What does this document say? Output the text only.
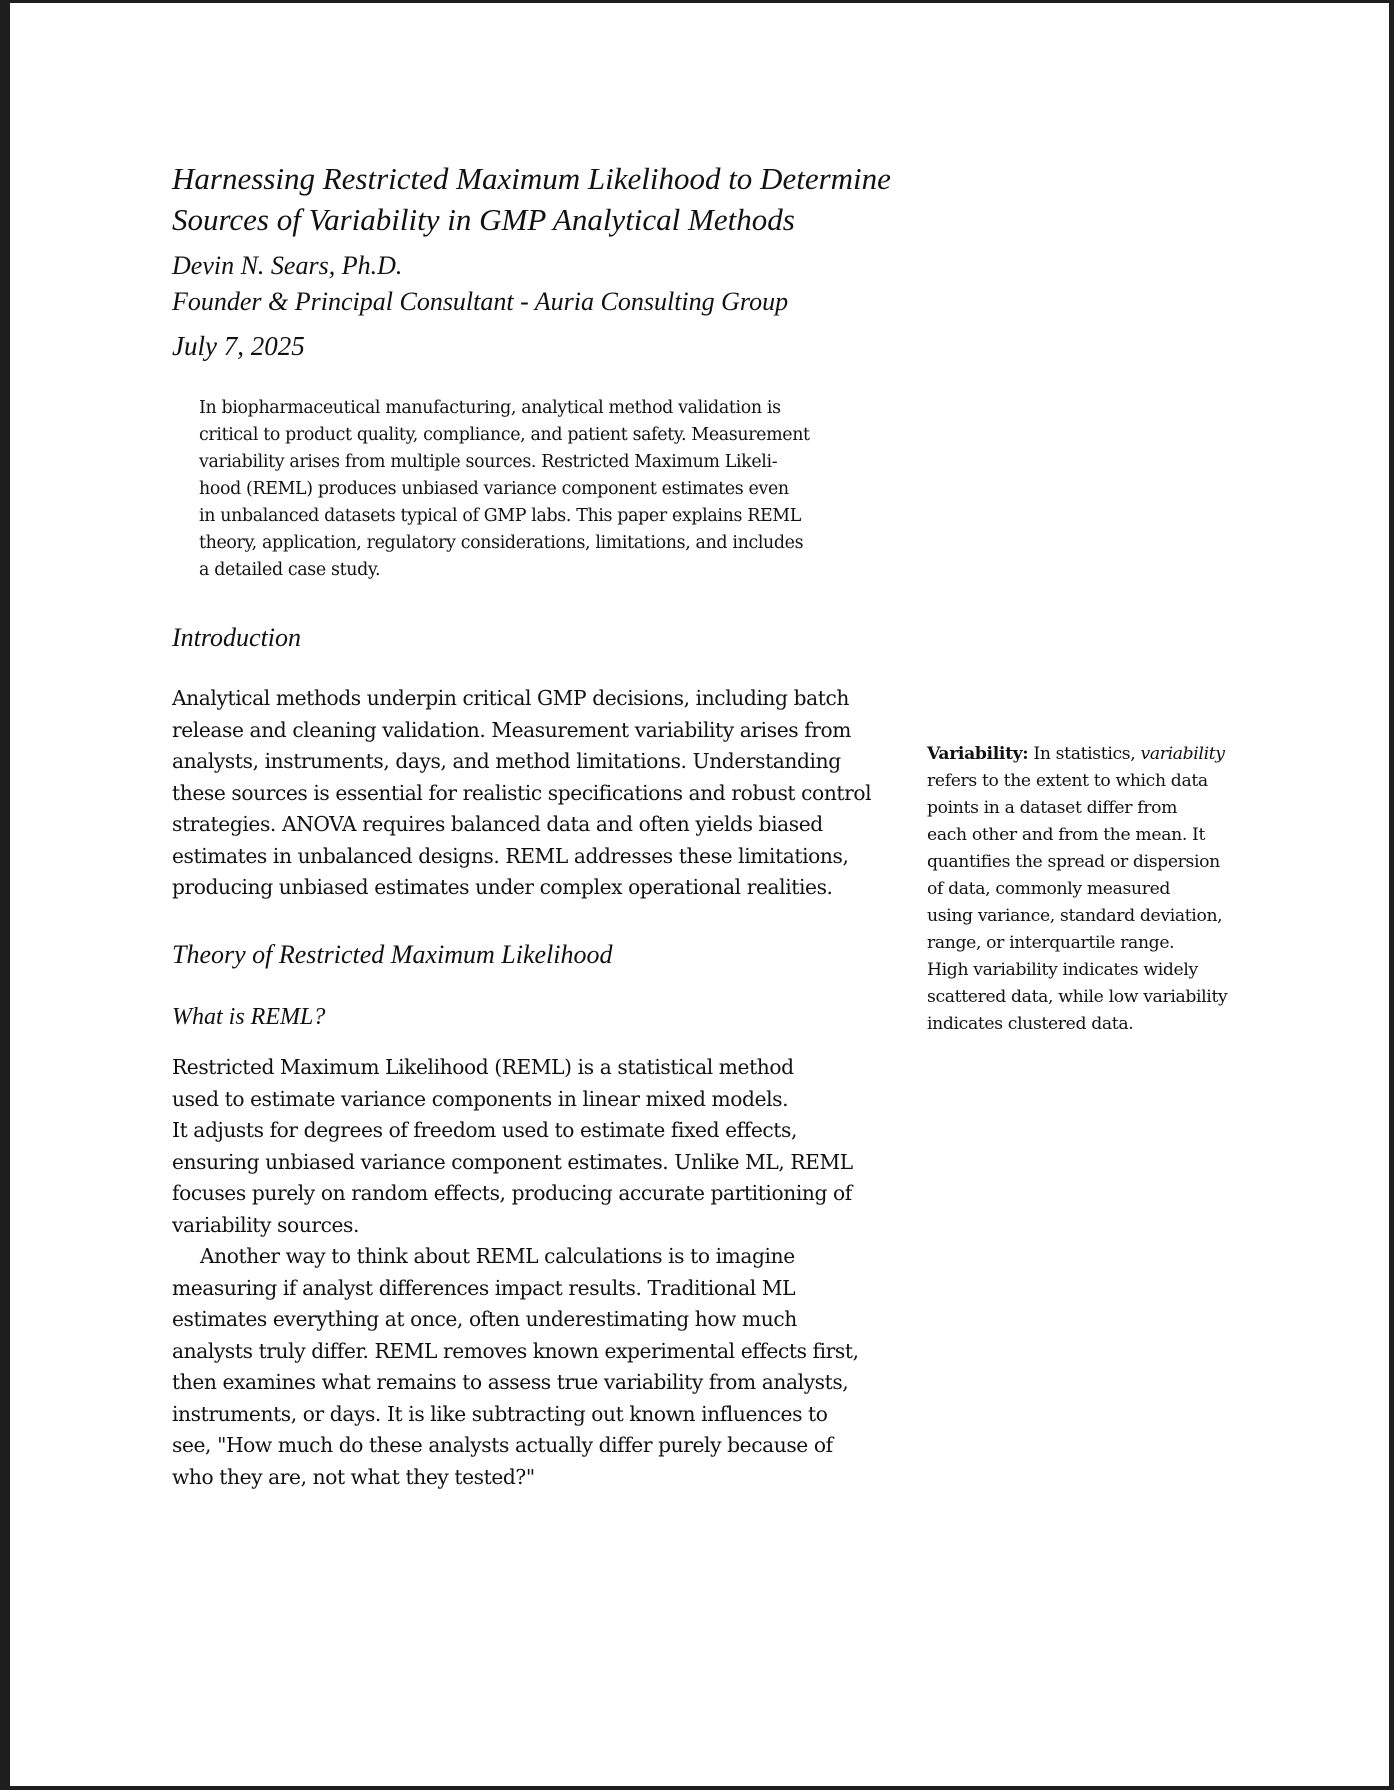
Harnessing Restricted Maximum Likelihood to Determine
Sources of Variability in GMP Analytical Methods

Devin N. Sears, Ph.D.

Founder & Principal Consultant - Auria Consulting Group

July 7, 2025

In biopharmaceutical manufacturing, analytical method validation is
critical to product quality, compliance, and patient safety. Measurement
variability arises from multiple sources. Restricted Maximum Likeli-
hood (REML) produces unbiased variance component estimates even
in unbalanced datasets typical of GMP labs. This paper explains REML
theory, application, regulatory considerations, limitations, and includes
a detailed case study.
Introduction
Analytical methods underpin critical GMP decisions, including batch
release and cleaning validation. Measurement variability arises from
analysts, instruments, days, and method limitations. Understanding
these sources is essential for realistic specifications and robust control
strategies. ANOVA requires balanced data and often yields biased
estimates in unbalanced designs. REML addresses these limitations,
producing unbiased estimates under complex operational realities.
Theory of Restricted Maximum Likelihood
What is REML?
Restricted Maximum Likelihood (REML) is a statistical method
used to estimate variance components in linear mixed models.
It adjusts for degrees of freedom used to estimate fixed effects,
ensuring unbiased variance component estimates. Unlike ML, REML
focuses purely on random effects, producing accurate partitioning of
variability sources.
Another way to think about REML calculations is to imagine
measuring if analyst differences impact results. Traditional ML
estimates everything at once, often underestimating how much
analysts truly differ. REML removes known experimental effects first,
then examines what remains to assess true variability from analysts,
instruments, or days. It is like subtracting out known influences to
see, "How much do these analysts actually differ purely because of
who they are, not what they tested?"
Variability: In statistics, variability
refers to the extent to which data
points in a dataset differ from
each other and from the mean. It
quantifies the spread or dispersion
of data, commonly measured
using variance, standard deviation,
range, or interquartile range.
High variability indicates widely
scattered data, while low variability
indicates clustered data.
